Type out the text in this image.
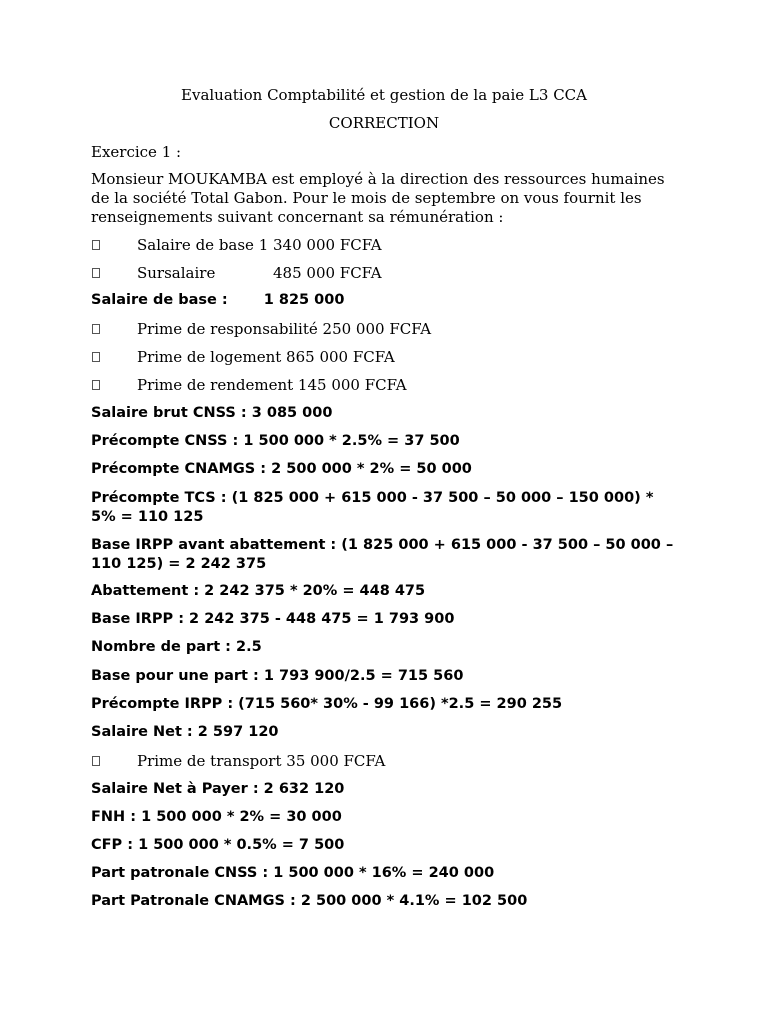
Evaluation Comptabilité et gestion de la paie L3 CCA
CORRECTION
Exercice 1 :
Monsieur MOUKAMBA est employé à la direction des ressources humaines
de la société Total Gabon. Pour le mois de septembre on vous fournit les
renseignements suivant concernant sa rémunération :
Salaire de base 1 340 000 FCFA
Sursalaire	485 000 FCFA
Salaire de base : 1 825 000
Prime de responsabilité 250 000 FCFA
Prime de logement 865 000 FCFA
Prime de rendement 145 000 FCFA
Salaire brut CNSS : 3 085 000
Précompte CNSS : 1 500 000 * 2.5% = 37 500
Précompte CNAMGS : 2 500 000 * 2% = 50 000
Précompte TCS : (1 825 000 + 615 000 - 37 500 – 50 000 – 150 000) *
5% = 110 125
Base IRPP avant abattement : (1 825 000 + 615 000 - 37 500 – 50 000 –
110 125) = 2 242 375
Abattement : 2 242 375 * 20% = 448 475
Base IRPP : 2 242 375 - 448 475 = 1 793 900
Nombre de part : 2.5
Base pour une part : 1 793 900/2.5 = 715 560
Précompte IRPP : (715 560* 30% - 99 166) *2.5 = 290 255
Salaire Net : 2 597 120
Prime de transport 35 000 FCFA
Salaire Net à Payer : 2 632 120
FNH : 1 500 000 * 2% = 30 000
CFP : 1 500 000 * 0.5% = 7 500
Part patronale CNSS : 1 500 000 * 16% = 240 000
Part Patronale CNAMGS : 2 500 000 * 4.1% = 102 500
